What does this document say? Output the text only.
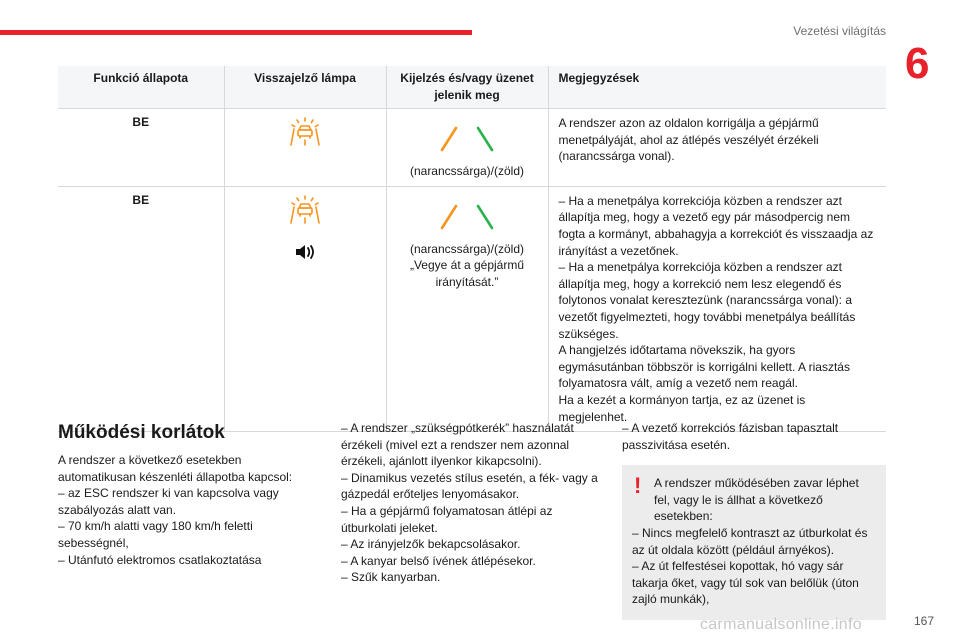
Vezetési világítás
6
Funkció állapota	Visszajelző lámpa	Kijelzés és/vagy üzenet jelenik meg	Megjegyzések
BE		(narancssárga)/(zöld)	A rendszer azon az oldalon korrigálja a gépjármű menetpályáját, ahol az átlépés veszélyét érzékeli (narancssárga vonal).

BE		(narancssárga)/(zöld)
„Vegye át a gépjármű irányítását.”	– Ha a menetpálya korrekciója közben a rendszer azt állapítja meg, hogy a vezető egy pár másodpercig nem fogta a kormányt, abbahagyja a korrekciót és visszaadja az irányítást a vezetőnek.
– Ha a menetpálya korrekciója közben a rendszer azt állapítja meg, hogy a korrekció nem lesz elegendő és folytonos vonalat keresztezünk (narancssárga vonal): a vezetőt figyelmezteti, hogy további menetpálya beállítás szükséges.
A hangjelzés időtartama növekszik, ha gyors egymásutánban többször is korrigálni kellett. A riasztás folyamatosra vált, amíg a vezető nem reagál.
Ha a kezét a kormányon tartja, ez az üzenet is megjelenhet.
Működési korlátok
A rendszer a következő esetekben automatikusan készenléti állapotba kapcsol:
– az ESC rendszer ki van kapcsolva vagy szabályozás alatt van.
– 70 km/h alatti vagy 180 km/h feletti sebességnél,
– Utánfutó elektromos csatlakoztatása
– A rendszer „szükségpótkerék” használatát érzékeli (mivel ezt a rendszer nem azonnal érzékeli, ajánlott ilyenkor kikapcsolni).
– Dinamikus vezetés stílus esetén, a fék- vagy a gázpedál erőteljes lenyomásakor.
– Ha a gépjármű folyamatosan átlépi az útburkolati jeleket.
– Az irányjelzők bekapcsolásakor.
– A kanyar belső ívének átlépésekor.
– Szűk kanyarban.
– A vezető korrekciós fázisban tapasztalt passzivitása esetén.
!	A rendszer működésében zavar léphet fel, vagy le is állhat a következő esetekben:
– Nincs megfelelő kontraszt az útburkolat és az út oldala között (például árnyékos).
– Az út felfestései kopottak, hó vagy sár takarja őket, vagy túl sok van belőlük (úton zajló munkák),
carmanualsonline.info	167
